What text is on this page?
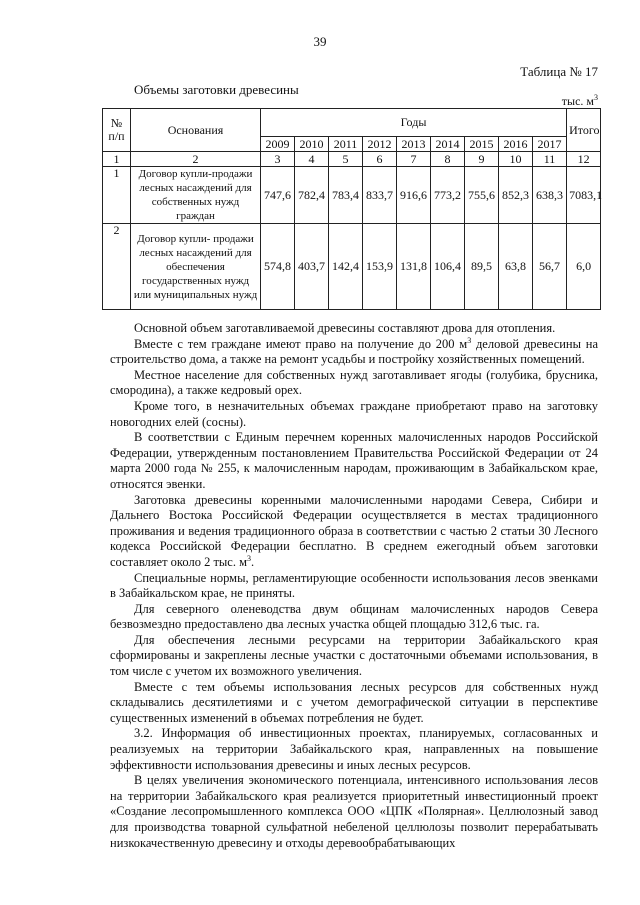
39
Таблица № 17
Объемы заготовки древесины
тыс. $м^3$
№ п/п	Основания	Годы									Итого
		2009	2010	2011	2012	2013	2014	2015	2016	2017	
1	2	3	4	5	6	7	8	9	10	11	12
1	Договор купли-продажи лесных насаждений для собственных нужд граждан	747,6	782,4	783,4	833,7	916,6	773,2	755,6	852,3	638,3	7083,1
2	Договор купли- продажи лесных насаждений для обеспечения государственных нужд или муниципальных нужд	574,8	403,7	142,4	153,9	131,8	106,4	89,5	63,8	56,7	6,0

Основной объем заготавливаемой древесины составляют дрова для отопления.

Вместе с тем граждане имеют право на получение до 200 $м^3$ деловой древесины на строительство дома, а также на ремонт усадьбы и постройку хозяйственных помещений.

Местное население для собственных нужд заготавливает ягоды (голубика, брусника, смородина), а также кедровый орех.

Кроме того, в незначительных объемах граждане приобретают право на заготовку новогодних елей (сосны).

В соответствии с Единым перечнем коренных малочисленных народов Российской Федерации, утвержденным постановлением Правительства Российской Федерации от 24 марта 2000 года № 255, к малочисленным народам, проживающим в Забайкальском крае, относятся эвенки.

Заготовка древесины коренными малочисленными народами Севера, Сибири и Дальнего Востока Российской Федерации осуществляется в местах традиционного проживания и ведения традиционного образа в соответствии с частью 2 статьи 30 Лесного кодекса Российской Федерации бесплатно. В среднем ежегодный объем заготовки составляет около 2 тыс. $м^3$.

Специальные нормы, регламентирующие особенности использования лесов эвенками в Забайкальском крае, не приняты.

Для северного оленеводства двум общинам малочисленных народов Севера безвозмездно предоставлено два лесных участка общей площадью 312,6 тыс. га.

Для обеспечения лесными ресурсами на территории Забайкальского края сформированы и закреплены лесные участки с достаточными объемами использования, в том числе с учетом их возможного увеличения.

Вместе с тем объемы использования лесных ресурсов для собственных нужд складывались десятилетиями и с учетом демографической ситуации в перспективе существенных изменений в объемах потребления не будет.

3.2. Информация об инвестиционных проектах, планируемых, согласованных и реализуемых на территории Забайкальского края, направленных на повышение эффективности использования древесины и иных лесных ресурсов.

В целях увеличения экономического потенциала, интенсивного использования лесов на территории Забайкальского края реализуется приоритетный инвестиционный проект «Создание лесопромышленного комплекса ООО «ЦПК «Полярная». Целлюлозный завод для производства товарной сульфатной небеленой целлюлозы позволит перерабатывать низкокачественную древесину и отходы деревообрабатывающих
